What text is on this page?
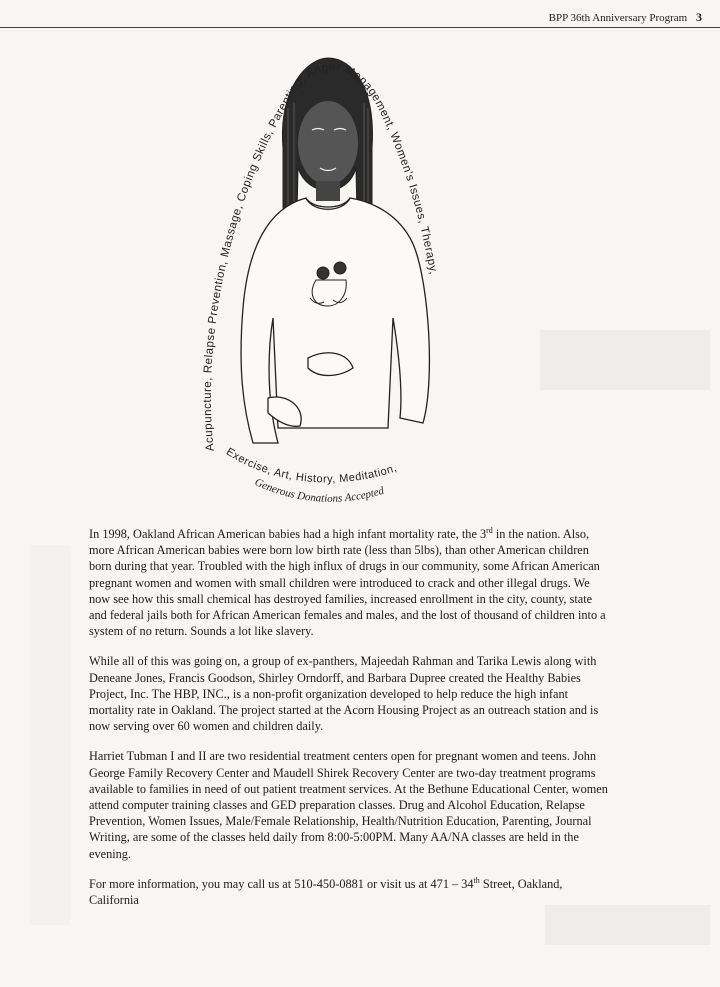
BPP 36th Anniversary Program 3
Acupuncture, Relapse Prevention, Massage, Coping Skills, Parenting, Anger Management, Women's Issues, Therapy,
Exercise, Art, History, Meditation,
Generous Donations Accepted

In 1998, Oakland African American babies had a high infant mortality rate, the 3rd in the nation. Also, more African American babies were born low birth rate (less than 5lbs), than other American children born during that year. Troubled with the high influx of drugs in our community, some African American pregnant women and women with small children were introduced to crack and other illegal drugs. We now see how this small chemical has destroyed families, increased enrollment in the city, county, state and federal jails both for African American females and males, and the lost of thousand of children into a system of no return. Sounds a lot like slavery.

While all of this was going on, a group of ex-panthers, Majeedah Rahman and Tarika Lewis along with Deneane Jones, Francis Goodson, Shirley Orndorff, and Barbara Dupree created the Healthy Babies Project, Inc. The HBP, INC., is a non-profit organization developed to help reduce the high infant mortality rate in Oakland. The project started at the Acorn Housing Project as an outreach station and is now serving over 60 women and children daily.

Harriet Tubman I and II are two residential treatment centers open for pregnant women and teens. John George Family Recovery Center and Maudell Shirek Recovery Center are two-day treatment programs available to families in need of out patient treatment services. At the Bethune Educational Center, women attend computer training classes and GED preparation classes. Drug and Alcohol Education, Relapse Prevention, Women Issues, Male/Female Relationship, Health/Nutrition Education, Parenting, Journal Writing, are some of the classes held daily from 8:00-5:00PM. Many AA/NA classes are held in the evening.

For more information, you may call us at 510-450-0881 or visit us at 471 – 34th Street, Oakland, California
